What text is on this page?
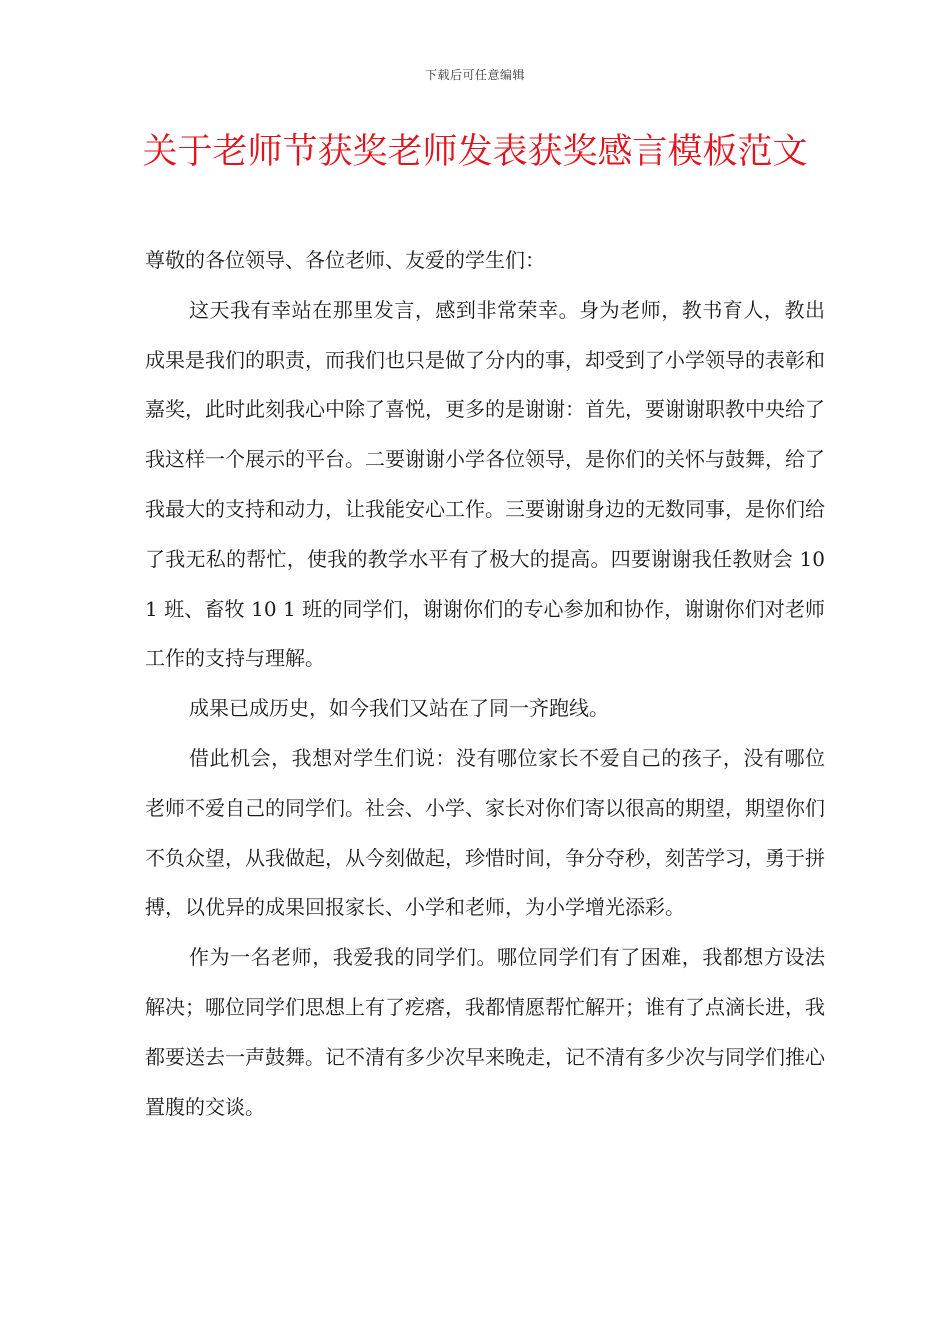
下载后可任意编辑
关于老师节获奖老师发表获奖感言模板范文

尊敬的各位领导、各位老师、友爱的学生们：

这天我有幸站在那里发言，感到非常荣幸。身为老师，教书育人，教出成果是我们的职责，而我们也只是做了分内的事，却受到了小学领导的表彰和嘉奖，此时此刻我心中除了喜悦，更多的是谢谢：首先，要谢谢职教中央给了我这样一个展示的平台。二要谢谢小学各位领导，是你们的关怀与鼓舞，给了我最大的支持和动力，让我能安心工作。三要谢谢身边的无数同事，是你们给了我无私的帮忙，使我的教学水平有了极大的提高。四要谢谢我任教财会 10 1 班、畜牧 10 1 班的同学们，谢谢你们的专心参加和协作，谢谢你们对老师工作的支持与理解。

成果已成历史，如今我们又站在了同一齐跑线。

借此机会，我想对学生们说：没有哪位家长不爱自己的孩子，没有哪位老师不爱自己的同学们。社会、小学、家长对你们寄以很高的期望，期望你们不负众望，从我做起，从今刻做起，珍惜时间，争分夺秒，刻苦学习，勇于拼搏，以优异的成果回报家长、小学和老师，为小学增光添彩。

作为一名老师，我爱我的同学们。哪位同学们有了困难，我都想方设法解决；哪位同学们思想上有了疙瘩，我都情愿帮忙解开；谁有了点滴长进，我都要送去一声鼓舞。记不清有多少次早来晚走，记不清有多少次与同学们推心置腹的交谈。
